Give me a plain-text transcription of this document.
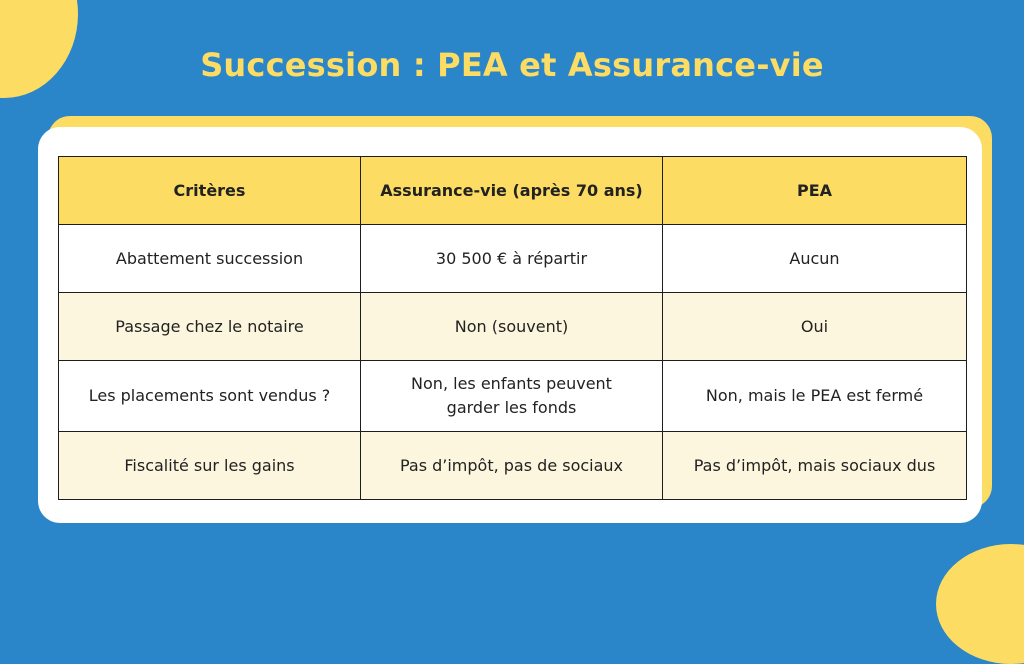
Succession : PEA et Assurance-vie
Critères	Assurance-vie (après 70 ans)	PEA
Abattement succession	30 500 € à répartir	Aucun
Passage chez le notaire	Non (souvent)	Oui
Les placements sont vendus ?	Non, les enfants peuvent garder les fonds	Non, mais le PEA est fermé
Fiscalité sur les gains	Pas d’impôt, pas de sociaux	Pas d’impôt, mais sociaux dus
